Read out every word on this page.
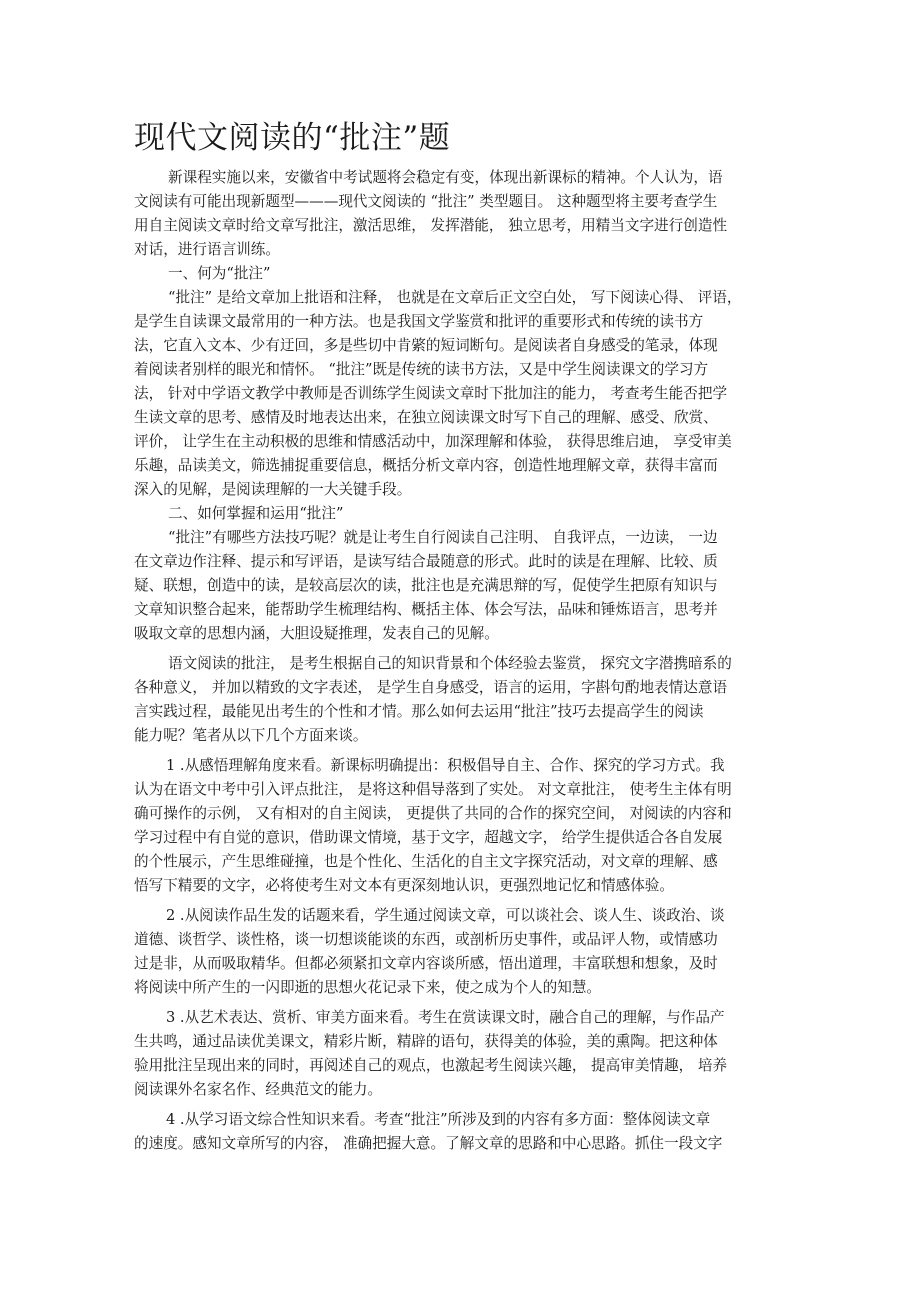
现代文阅读的“批注”题
新课程实施以来，安徽省中考试题将会稳定有变，体现出新课标的精神。个人认为，语
文阅读有可能出现新题型———现代文阅读的 “批注” 类型题目。 这种题型将主要考查学生
用自主阅读文章时给文章写批注，激活思维， 发挥潜能， 独立思考，用精当文字进行创造性
对话，进行语言训练。
一、何为“批注”
“批注” 是给文章加上批语和注释， 也就是在文章后正文空白处， 写下阅读心得、 评语，
是学生自读课文最常用的一种方法。也是我国文学鉴赏和批评的重要形式和传统的读书方
法，它直入文本、少有迂回，多是些切中肯綮的短词断句。是阅读者自身感受的笔录，体现
着阅读者别样的眼光和情怀。 “批注”既是传统的读书方法，又是中学生阅读课文的学习方
法， 针对中学语文教学中教师是否训练学生阅读文章时下批加注的能力， 考查考生能否把学
生读文章的思考、感情及时地表达出来，在独立阅读课文时写下自己的理解、感受、欣赏、
评价， 让学生在主动积极的思维和情感活动中，加深理解和体验， 获得思维启迪， 享受审美
乐趣，品读美文，筛选捕捉重要信息，概括分析文章内容，创造性地理解文章，获得丰富而
深入的见解，是阅读理解的一大关键手段。
二、如何掌握和运用“批注”
“批注”有哪些方法技巧呢？就是让考生自行阅读自己注明、 自我评点，一边读， 一边
在文章边作注释、提示和写评语，是读写结合最随意的形式。此时的读是在理解、比较、质
疑、联想，创造中的读，是较高层次的读，批注也是充满思辩的写，促使学生把原有知识与
文章知识整合起来，能帮助学生梳理结构、概括主体、体会写法，品味和锤炼语言，思考并
吸取文章的思想内涵，大胆设疑推理，发表自己的见解。
语文阅读的批注， 是考生根据自己的知识背景和个体经验去鉴赏， 探究文字潜携暗系的
各种意义， 并加以精致的文字表述， 是学生自身感受，语言的运用，字斟句酌地表情达意语
言实践过程，最能见出考生的个性和才情。那么如何去运用“批注”技巧去提高学生的阅读
能力呢？笔者从以下几个方面来谈。
1 .从感悟理解角度来看。新课标明确提出：积极倡导自主、合作、探究的学习方式。我
认为在语文中考中引入评点批注， 是将这种倡导落到了实处。 对文章批注， 使考生主体有明
确可操作的示例， 又有相对的自主阅读， 更提供了共同的合作的探究空间， 对阅读的内容和
学习过程中有自觉的意识，借助课文情境，基于文字，超越文字， 给学生提供适合各自发展
的个性展示，产生思维碰撞，也是个性化、生活化的自主文字探究活动，对文章的理解、感
悟写下精要的文字，必将使考生对文本有更深刻地认识，更强烈地记忆和情感体验。
2 .从阅读作品生发的话题来看，学生通过阅读文章，可以谈社会、谈人生、谈政治、谈
道德、谈哲学、谈性格，谈一切想谈能谈的东西，或剖析历史事件，或品评人物，或情感功
过是非，从而吸取精华。但都必须紧扣文章内容谈所感，悟出道理，丰富联想和想象，及时
将阅读中所产生的一闪即逝的思想火花记录下来，使之成为个人的知慧。
3 .从艺术表达、赏析、审美方面来看。考生在赏读课文时，融合自己的理解，与作品产
生共鸣，通过品读优美课文，精彩片断，精辟的语句，获得美的体验，美的熏陶。把这种体
验用批注呈现出来的同时，再阅述自己的观点，也激起考生阅读兴趣， 提高审美情趣， 培养
阅读课外名家名作、经典范文的能力。
4 .从学习语文综合性知识来看。考查“批注”所涉及到的内容有多方面：整体阅读文章
的速度。感知文章所写的内容， 准确把握大意。了解文章的思路和中心思路。抓住一段文字
